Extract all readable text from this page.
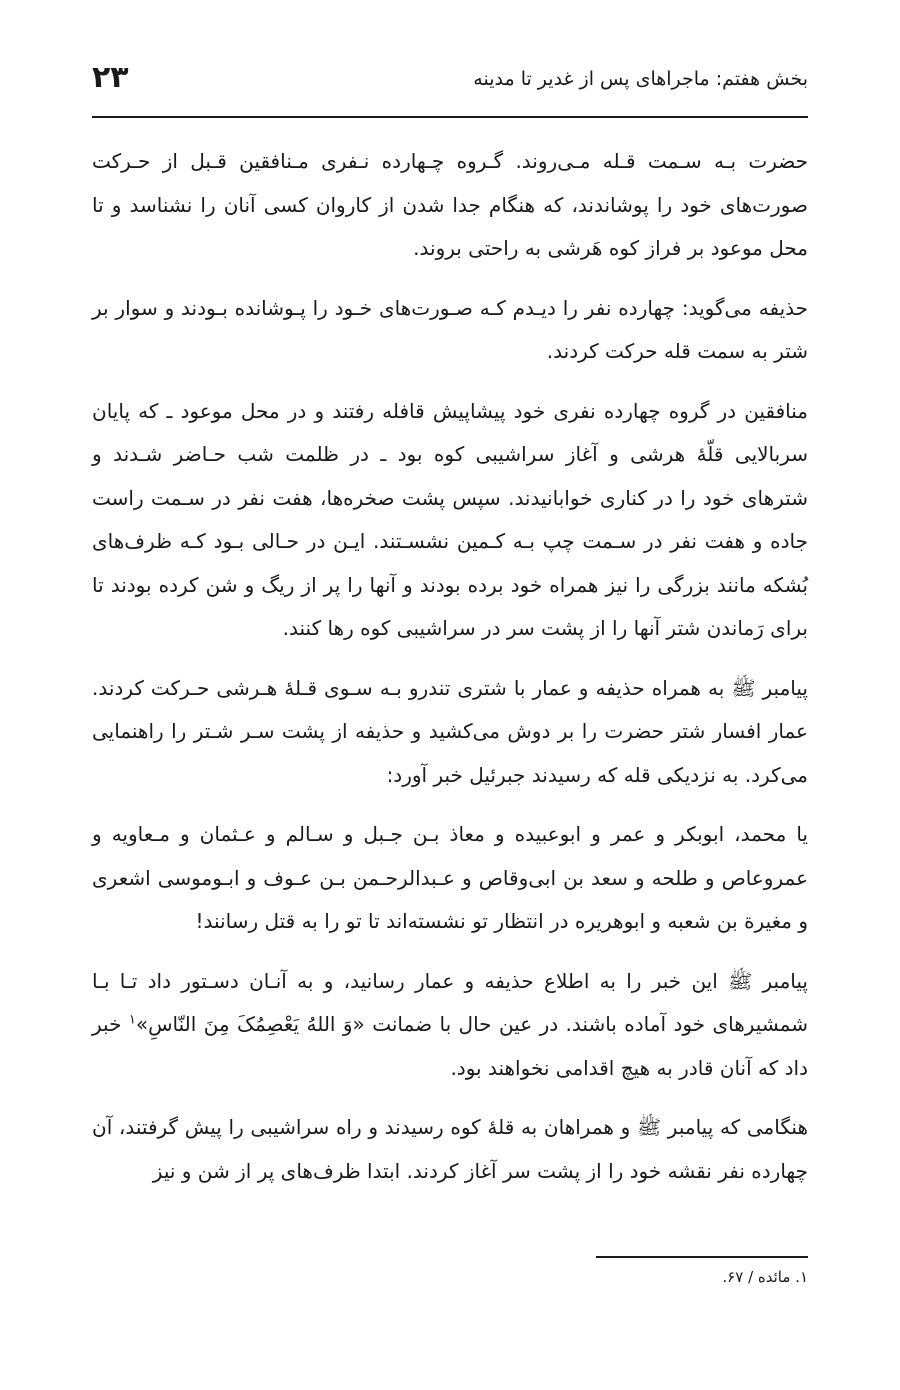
۲۳	بخش هفتم: ماجراهای پس از غدیر تا مدینه

حضرت بـه سـمت قـله مـی‌روند. گـروه چـهارده نـفری مـنافقین قـبل از حـرکت صورت‌های خود را پوشاندند، که هنگام جدا شدن از کاروان کسی آنان را نشناسد و تا محل موعود بر فراز کوه هَرشی به راحتی بروند.

حذیفه می‌گوید: چهارده نفر را دیـدم کـه صـورت‌های خـود را پـوشانده بـودند و سوار بر شتر به سمت قله حرکت کردند.

منافقین در گروه چهارده نفری خود پیشاپیش قافله رفتند و در محل موعود ـ که پایان سربالایی قلّهٔ هرشی و آغاز سراشیبی کوه بود ـ در ظلمت شب حـاضر شـدند و شترهای خود را در کناری خوابانیدند. سپس پشت صخره‌ها، هفت نفر در سـمت راست جاده و هفت نفر در سـمت چپ بـه کـمین نشسـتند. ایـن در حـالی بـود کـه ظرف‌های بُشکه مانند بزرگی را نیز همراه خود برده بودند و آنها را پر از ریگ و شن کرده بودند تا برای رَماندن شتر آنها را از پشت سر در سراشیبی کوه رها کنند.

پیامبر ﷺ به همراه حذیفه و عمار با شتری تندرو بـه سـوی قـلهٔ هـرشی حـرکت کردند. عمار افسار شتر حضرت را بر دوش می‌کشید و حذیفه از پشت سـر شـتر را راهنمایی می‌کرد. به نزدیکی قله که رسیدند جبرئیل خبر آورد:

یا محمد، ابوبکر و عمر و ابوعبیده و معاذ بـن جـبل و سـالم و عـثمان و مـعاویه و عمروعاص و طلحه و سعد بن ابی‌وقاص و عـبدالرحـمن بـن عـوف و ابـوموسی اشعری و مغیرة بن شعبه و ابوهریره در انتظار تو نشسته‌اند تا تو را به قتل رسانند!

پیامبر ﷺ این خبر را به اطلاع حذیفه و عمار رسانید، و به آنـان دسـتور داد تـا بـا شمشیرهای خود آماده باشند. در عین حال با ضمانت «وَ اللهُ یَعْصِمُکَ مِنَ النّاسِ»$^۱$ خبر داد که آنان قادر به هیچ اقدامی نخواهند بود.

هنگامی که پیامبر ﷺ و همراهان به قلهٔ کوه رسیدند و راه سراشیبی را پیش گرفتند، آن چهارده نفر نقشه خود را از پشت سر آغاز کردند. ابتدا ظرف‌های پر از شن و نیز

۱. مائده / ۶۷.
